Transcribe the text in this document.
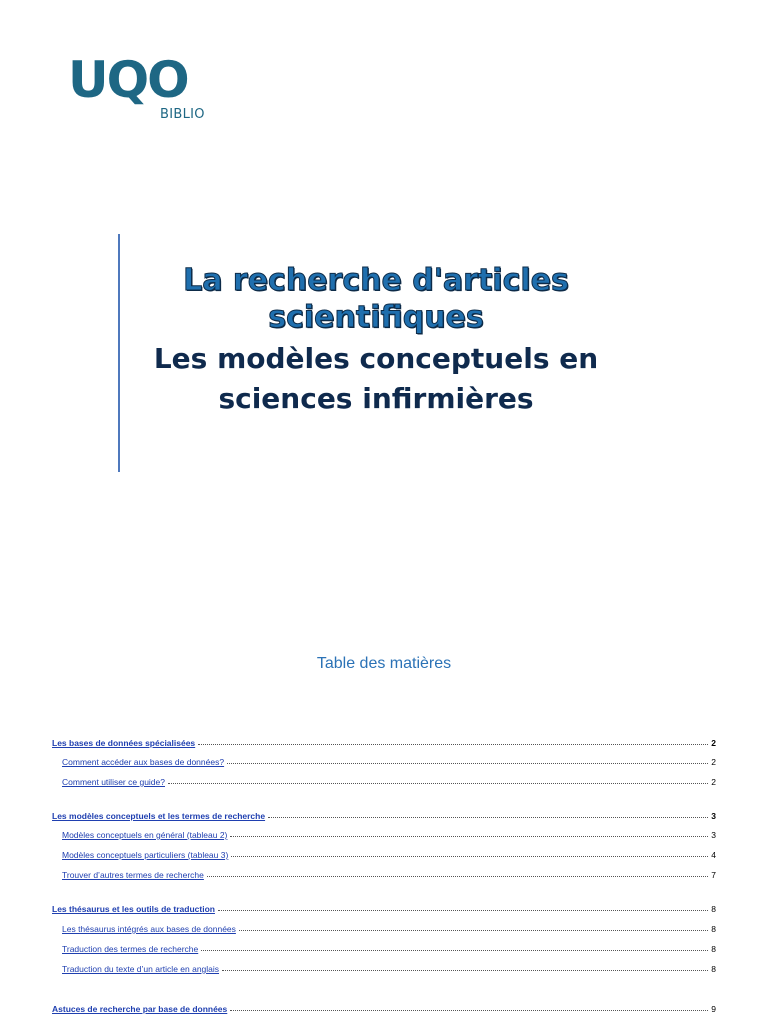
UQO
BIBLIO

La recherche d'articles

scientifiques

Les modèles conceptuels en

sciences infirmières

Table des matières
Les bases de données spécialisées	2
Comment accéder aux bases de données?	2
Comment utiliser ce guide?	2
Les modèles conceptuels et les termes de recherche	3
Modèles conceptuels en général (tableau 2)	3
Modèles conceptuels particuliers (tableau 3)	4
Trouver d’autres termes de recherche	7
Les thésaurus et les outils de traduction	8
Les thésaurus intégrés aux bases de données	8
Traduction des termes de recherche	8
Traduction du texte d’un article en anglais	8
Astuces de recherche par base de données	9
